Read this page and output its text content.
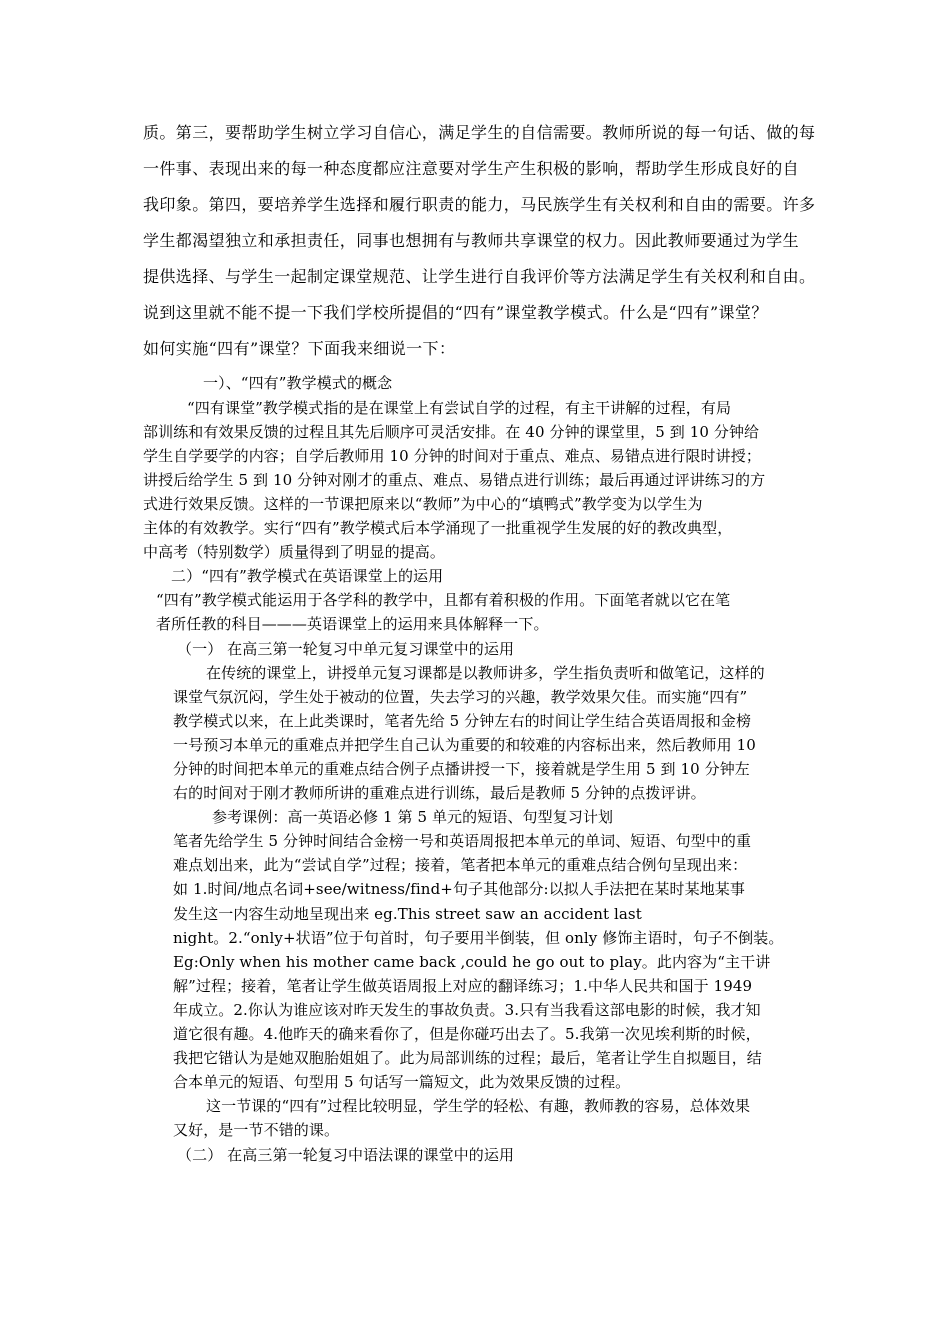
质。第三，要帮助学生树立学习自信心，满足学生的自信需要。教师所说的每一句话、做的每
一件事、表现出来的每一种态度都应注意要对学生产生积极的影响，帮助学生形成良好的自
我印象。第四，要培养学生选择和履行职责的能力，马民族学生有关权利和自由的需要。许多
学生都渴望独立和承担责任，同事也想拥有与教师共享课堂的权力。因此教师要通过为学生
提供选择、与学生一起制定课堂规范、让学生进行自我评价等方法满足学生有关权利和自由。
说到这里就不能不提一下我们学校所提倡的“四有”课堂教学模式。什么是“四有”课堂？
如何实施“四有”课堂？下面我来细说一下：
一）、“四有”教学模式的概念
“四有课堂”教学模式指的是在课堂上有尝试自学的过程，有主干讲解的过程，有局
部训练和有效果反馈的过程且其先后顺序可灵活安排。在 40 分钟的课堂里，5 到 10 分钟给
学生自学要学的内容；自学后教师用 10 分钟的时间对于重点、难点、易错点进行限时讲授；
讲授后给学生 5 到 10 分钟对刚才的重点、难点、易错点进行训练；最后再通过评讲练习的方
式进行效果反馈。这样的一节课把原来以“教师”为中心的“填鸭式”教学变为以学生为
主体的有效教学。实行“四有”教学模式后本学涌现了一批重视学生发展的好的教改典型，
中高考（特别数学）质量得到了明显的提高。
二）“四有”教学模式在英语课堂上的运用
“四有”教学模式能运用于各学科的教学中，且都有着积极的作用。下面笔者就以它在笔
者所任教的科目———英语课堂上的运用来具体解释一下。
（一） 在高三第一轮复习中单元复习课堂中的运用
在传统的课堂上，讲授单元复习课都是以教师讲多，学生指负责听和做笔记，这样的
课堂气氛沉闷，学生处于被动的位置，失去学习的兴趣，教学效果欠佳。而实施“四有”
教学模式以来，在上此类课时，笔者先给 5 分钟左右的时间让学生结合英语周报和金榜
一号预习本单元的重难点并把学生自己认为重要的和较难的内容标出来，然后教师用 10
分钟的时间把本单元的重难点结合例子点播讲授一下，接着就是学生用 5 到 10 分钟左
右的时间对于刚才教师所讲的重难点进行训练，最后是教师 5 分钟的点拨评讲。
参考课例：高一英语必修 1 第 5 单元的短语、句型复习计划
笔者先给学生 5 分钟时间结合金榜一号和英语周报把本单元的单词、短语、句型中的重
难点划出来，此为“尝试自学”过程；接着，笔者把本单元的重难点结合例句呈现出来：
如 1.时间/地点名词+see/witness/find+句子其他部分:以拟人手法把在某时某地某事
发生这一内容生动地呈现出来 eg.This street saw an accident last
night。2.“only+状语”位于句首时，句子要用半倒装，但 only 修饰主语时，句子不倒装。
Eg:Only when his mother came back ,could he go out to play。此内容为“主干讲
解”过程；接着，笔者让学生做英语周报上对应的翻译练习；1.中华人民共和国于 1949
年成立。2.你认为谁应该对昨天发生的事故负责。3.只有当我看这部电影的时候，我才知
道它很有趣。4.他昨天的确来看你了，但是你碰巧出去了。5.我第一次见埃利斯的时候，
我把它错认为是她双胞胎姐姐了。此为局部训练的过程；最后，笔者让学生自拟题目，结
合本单元的短语、句型用 5 句话写一篇短文，此为效果反馈的过程。
这一节课的“四有”过程比较明显，学生学的轻松、有趣，教师教的容易，总体效果
又好，是一节不错的课。
（二） 在高三第一轮复习中语法课的课堂中的运用
